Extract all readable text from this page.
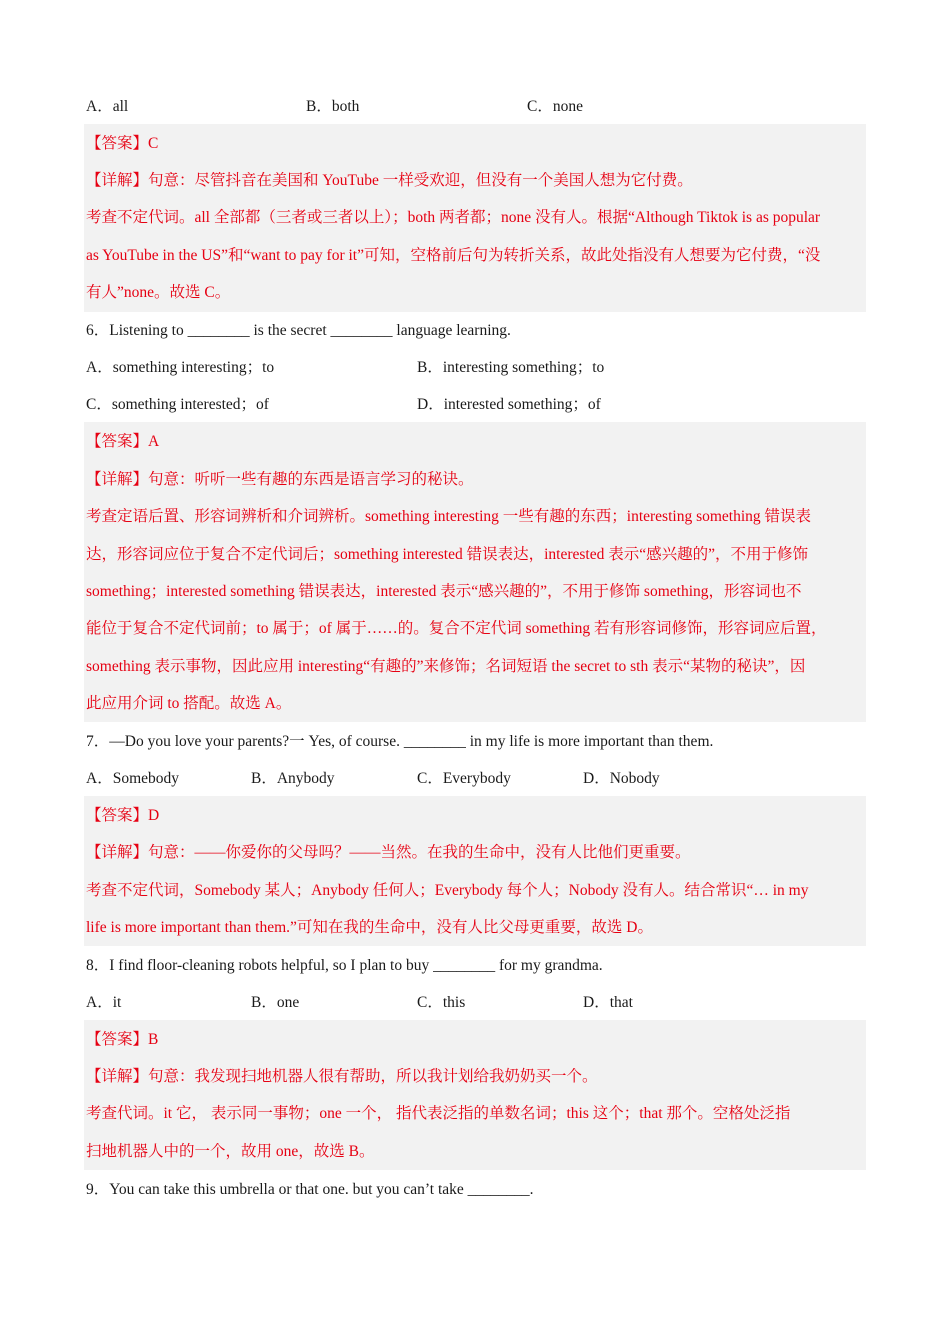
A．all	B．both	C．none
【答案】C
【详解】句意：尽管抖音在美国和 YouTube 一样受欢迎，但没有一个美国人想为它付费。
考查不定代词。all 全部都（三者或三者以上）；both 两者都；none 没有人。根据“Although Tiktok is as popular
as YouTube in the US”和“want to pay for it”可知，空格前后句为转折关系，故此处指没有人想要为它付费，“没
有人”none。故选 C。
6．Listening to ________ is the secret ________ language learning.
A．something interesting；to	B．interesting something；to
C．something interested；of	D．interested something；of
【答案】A
【详解】句意：听听一些有趣的东西是语言学习的秘诀。
考查定语后置、形容词辨析和介词辨析。something interesting 一些有趣的东西；interesting something 错误表
达，形容词应位于复合不定代词后；something interested 错误表达，interested 表示“感兴趣的”，不用于修饰
something；interested something 错误表达，interested 表示“感兴趣的”，不用于修饰 something，形容词也不
能位于复合不定代词前；to 属于；of 属于……的。复合不定代词 something 若有形容词修饰，形容词应后置，
something 表示事物，因此应用 interesting“有趣的”来修饰；名词短语 the secret to sth 表示“某物的秘诀”，因
此应用介词 to 搭配。故选 A。
7．—Do you love your parents?一 Yes, of course. ________ in my life is more important than them.
A．Somebody	B．Anybody	C．Everybody	D．Nobody
【答案】D
【详解】句意：——你爱你的父母吗？——当然。在我的生命中，没有人比他们更重要。
考查不定代词，Somebody 某人；Anybody 任何人；Everybody 每个人；Nobody 没有人。结合常识“… in my
life is more important than them.”可知在我的生命中，没有人比父母更重要，故选 D。
8．I find floor-cleaning robots helpful, so I plan to buy ________ for my grandma.
A．it	B．one	C．this	D．that
【答案】B
【详解】句意：我发现扫地机器人很有帮助，所以我计划给我奶奶买一个。
考查代词。it 它， 表示同一事物；one 一个， 指代表泛指的单数名词；this 这个；that 那个。空格处泛指
扫地机器人中的一个，故用 one，故选 B。
9．You can take this umbrella or that one. but you can’t take ________.
